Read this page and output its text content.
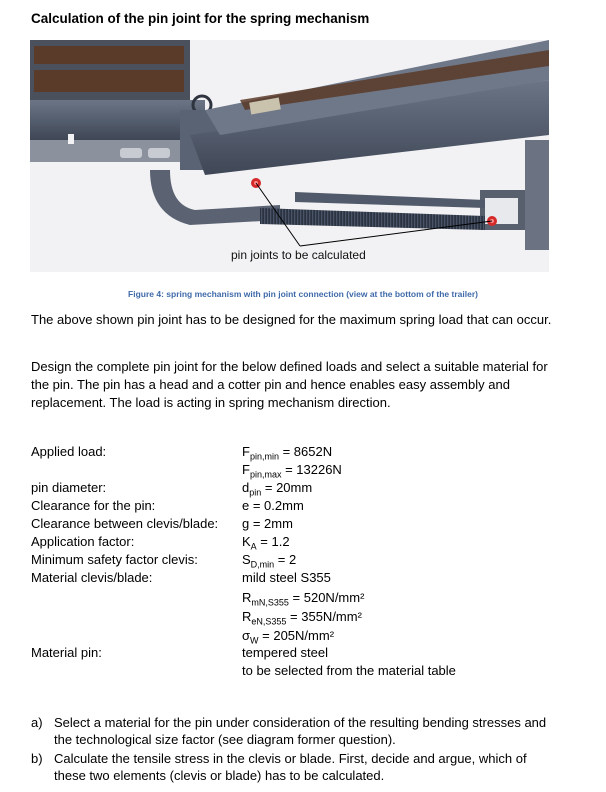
Calculation of the pin joint for the spring mechanism
pin joints to be calculated
Figure 4: spring mechanism with pin joint connection (view at the bottom of the trailer)
The above shown pin joint has to be designed for the maximum spring load that can occur.
Design the complete pin joint for the below defined loads and select a suitable material for the pin. The pin has a head and a cotter pin and hence enables easy assembly and replacement. The load is acting in spring mechanism direction.
Applied load:	$F_{pin,min} = 8652N$
$F_{pin,max} = 13226N$
pin diameter:	$d_{pin} = 20mm$
Clearance for the pin:	e = 0.2mm
Clearance between clevis/blade: g = 2mm
Application factor:	$K_A = 1.2$
Minimum safety factor clevis:	$S_{D,min} = 2$
Material clevis/blade:	mild steel S355
$R_{mN,S355} = 520N/mm^2$
$R_{eN,S355} = 355N/mm^2$
$\sigma_W = 205N/mm^2$
Material pin:	tempered steel
to be selected from the material table
a) Select a material for the pin under consideration of the resulting bending stresses and the technological size factor (see diagram former question).
b) Calculate the tensile stress in the clevis or blade. First, decide and argue, which of these two elements (clevis or blade) has to be calculated.
